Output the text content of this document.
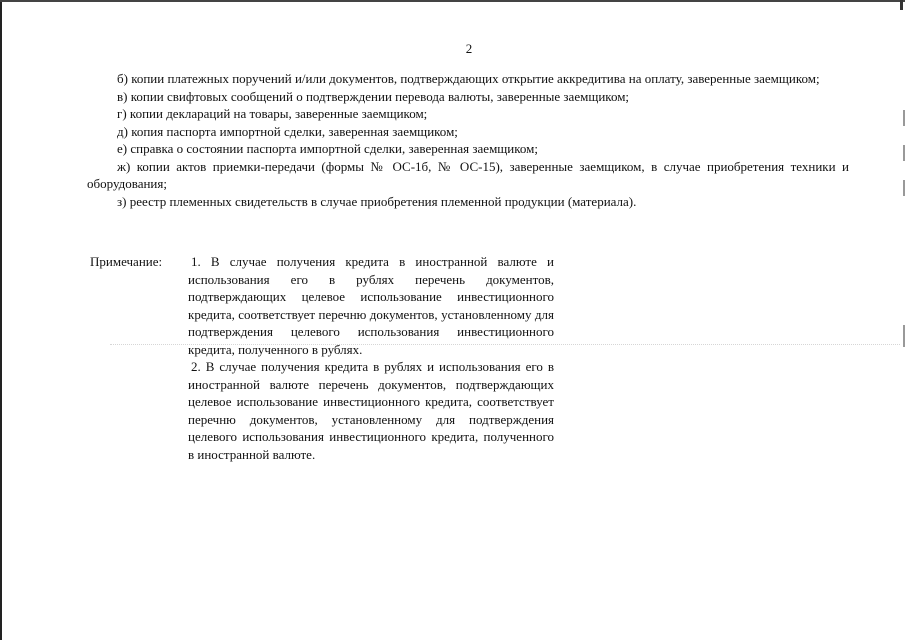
2

б) копии платежных поручений и/или документов, подтверждающих открытие аккредитива на оплату, заверенные заемщиком;

в) копии свифтовых сообщений о подтверждении перевода валюты, заверенные заемщиком;

г) копии деклараций на товары, заверенные заемщиком;

д) копия паспорта импортной сделки, заверенная заемщиком;

е) справка о состоянии паспорта импортной сделки, заверенная заемщиком;

ж) копии актов приемки-передачи (формы № ОС-1б, № ОС-15), заверенные заемщиком, в случае приобретения техники и оборудования;

з) реестр племенных свидетельств в случае приобретения племенной продукции (материала).

Примечание: 1. В случае получения кредита в иностранной валюте и использования его в рублях перечень документов, подтверждающих целевое использование инвестиционного кредита, соответствует перечню документов, установленному для подтверждения целевого использования инвестиционного кредита, полученного в рублях.

2. В случае получения кредита в рублях и использования его в иностранной валюте перечень документов, подтверждающих целевое использование инвестиционного кредита, соответствует перечню документов, установленному для подтверждения целевого использования инвестиционного кредита, полученного в иностранной валюте.
